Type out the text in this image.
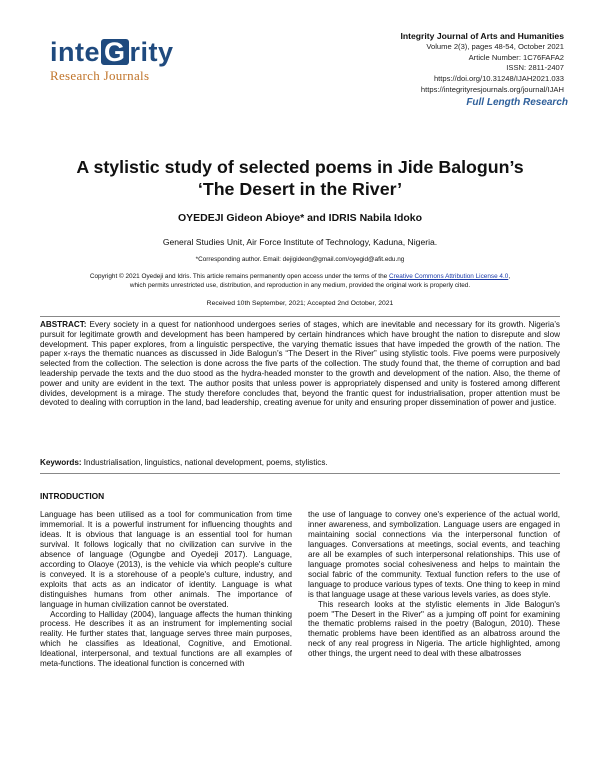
inte G rity
Research Journals
Integrity Journal of Arts and Humanities
Volume 2(3), pages 48-54, October 2021
Article Number: 1C76FAFA2
ISSN: 2811-2407
https://doi.org/10.31248/IJAH2021.033
https://integrityresjournals.org/journal/IJAH
Full Length Research
A stylistic study of selected poems in Jide Balogun’s
‘The Desert in the River’
OYEDEJI Gideon Abioye* and IDRIS Nabila Idoko
General Studies Unit, Air Force Institute of Technology, Kaduna, Nigeria.
*Corresponding author. Email: dejigideon@gmail.com/oyegid@afit.edu.ng
Copyright © 2021 Oyedeji and Idris. This article remains permanently open access under the terms of the Creative Commons Attribution License 4.0,
which permits unrestricted use, distribution, and reproduction in any medium, provided the original work is properly cited.
Received 10th September, 2021; Accepted 2nd October, 2021
ABSTRACT: Every society in a quest for nationhood undergoes series of stages, which are inevitable and necessary for its growth. Nigeria’s pursuit for legitimate growth and development has been hampered by certain hindrances which have brought the nation to disrepute and slow development. This paper explores, from a linguistic perspective, the varying thematic issues that have impeded the growth of the nation. The paper x-rays the thematic nuances as discussed in Jide Balogun’s “The Desert in the River” using stylistic tools. Five poems were purposively selected from the collection. The selection is done across the five parts of the collection. The study found that, the theme of corruption and bad leadership pervade the texts and the duo stood as the hydra-headed monster to the growth and development of the nation. Also, the theme of power and unity are evident in the text. The author posits that unless power is appropriately dispensed and unity is fostered among different divides, development is a mirage. The study therefore concludes that, beyond the frantic quest for industrialisation, proper attention must be devoted to dealing with corruption in the land, bad leadership, creating avenue for unity and ensuring proper dissemination of power and justice.
Keywords: Industrialisation, linguistics, national development, poems, stylistics.
INTRODUCTION

Language has been utilised as a tool for communication from time immemorial. It is a powerful instrument for influencing thoughts and ideas. It is obvious that language is an essential tool for human survival. It follows logically that no civilization can survive in the absence of language (Ogungbe and Oyedeji 2017). Language, according to Olaoye (2013), is the vehicle via which people's culture is conveyed. It is a storehouse of a people's culture, industry, and exploits that acts as an indicator of identity. Language is what distinguishes humans from other animals. The importance of language in human civilization cannot be overstated.

According to Halliday (2004), language affects the human thinking process. He describes it as an instrument for implementing social reality. He further states that, language serves three main purposes, which he classifies as Ideational, Cognitive, and Emotional. Ideational, interpersonal, and textual functions are all examples of meta-functions. The ideational function is concerned with

the use of language to convey one's experience of the actual world, inner awareness, and symbolization. Language users are engaged in maintaining social connections via the interpersonal function of languages. Conversations at meetings, social events, and teaching are all be examples of such interpersonal relationships. This use of language promotes social cohesiveness and helps to maintain the social fabric of the community. Textual function refers to the use of language to produce various types of texts. One thing to keep in mind is that language usage at these various levels varies, as does style.

This research looks at the stylistic elements in Jide Balogun's poem "The Desert in the River" as a jumping off point for examining the thematic problems raised in the poetry (Balogun, 2010). These thematic problems have been identified as an albatross around the neck of any real progress in Nigeria. The article highlighted, among other things, the urgent need to deal with these albatrosses
